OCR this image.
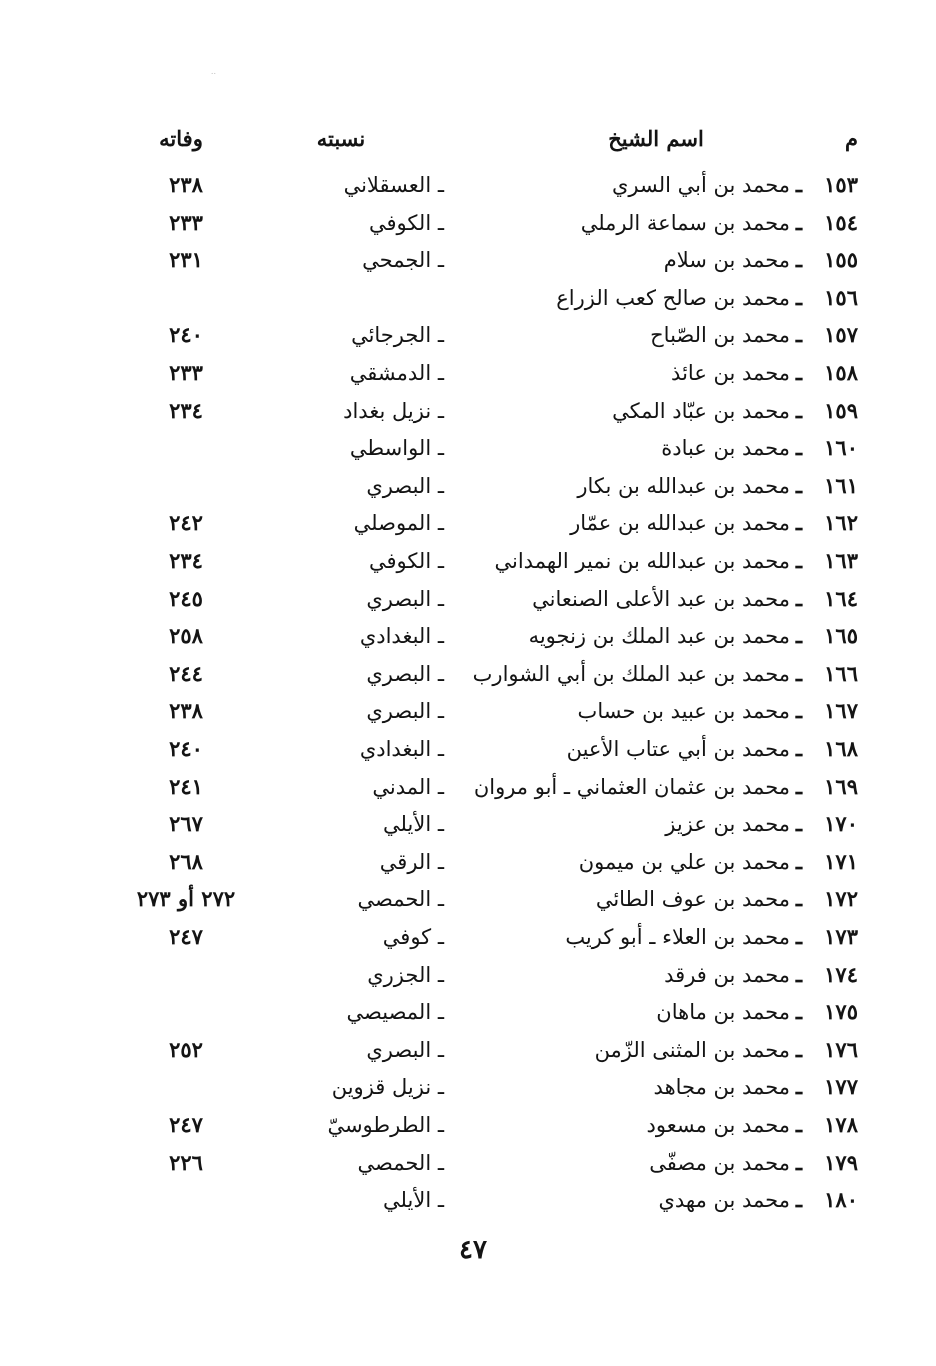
..
م
اسم الشيخ
نسبته
وفاته
١٥٣
ـ
محمد بن أبي السري
ـ العسقلاني
٢٣٨
١٥٤
ـ
محمد بن سماعة الرملي
ـ الكوفي
٢٣٣
١٥٥
ـ
محمد بن سلام
ـ الجمحي
٢٣١
١٥٦
ـ
محمد بن صالح كعب الزراع
١٥٧
ـ
محمد بن الصّباح
ـ الجرجائي
٢٤٠
١٥٨
ـ
محمد بن عائذ
ـ الدمشقي
٢٣٣
١٥٩
ـ
محمد بن عبّاد المكي
ـ نزيل بغداد
٢٣٤
١٦٠
ـ
محمد بن عبادة
ـ الواسطي
١٦١
ـ
محمد بن عبدالله بن بكار
ـ البصري
١٦٢
ـ
محمد بن عبدالله بن عمّار
ـ الموصلي
٢٤٢
١٦٣
ـ
محمد بن عبدالله بن نمير الهمداني
ـ الكوفي
٢٣٤
١٦٤
ـ
محمد بن عبد الأعلى الصنعاني
ـ البصري
٢٤٥
١٦٥
ـ
محمد بن عبد الملك بن زنجويه
ـ البغدادي
٢٥٨
١٦٦
ـ
محمد بن عبد الملك بن أبي الشوارب
ـ البصري
٢٤٤
١٦٧
ـ
محمد بن عبيد بن حساب
ـ البصري
٢٣٨
١٦٨
ـ
محمد بن أبي عتاب الأعين
ـ البغدادي
٢٤٠
١٦٩
ـ
محمد بن عثمان العثماني ـ أبو مروان
ـ المدني
٢٤١
١٧٠
ـ
محمد بن عزيز
ـ الأيلي
٢٦٧
١٧١
ـ
محمد بن علي بن ميمون
ـ الرقي
٢٦٨
١٧٢
ـ
محمد بن عوف الطائي
ـ الحمصي
٢٧٢ أو ٢٧٣
١٧٣
ـ
محمد بن العلاء ـ أبو كريب
ـ كوفي
٢٤٧
١٧٤
ـ
محمد بن فرقد
ـ الجزري
١٧٥
ـ
محمد بن ماهان
ـ المصيصي
١٧٦
ـ
محمد بن المثنى الزّمن
ـ البصري
٢٥٢
١٧٧
ـ
محمد بن مجاهد
ـ نزيل قزوين
١٧٨
ـ
محمد بن مسعود
ـ الطرطوسيّ
٢٤٧
١٧٩
ـ
محمد بن مصفّى
ـ الحمصي
٢٢٦
١٨٠
ـ
محمد بن مهدي
ـ الأيلي
٤٧
